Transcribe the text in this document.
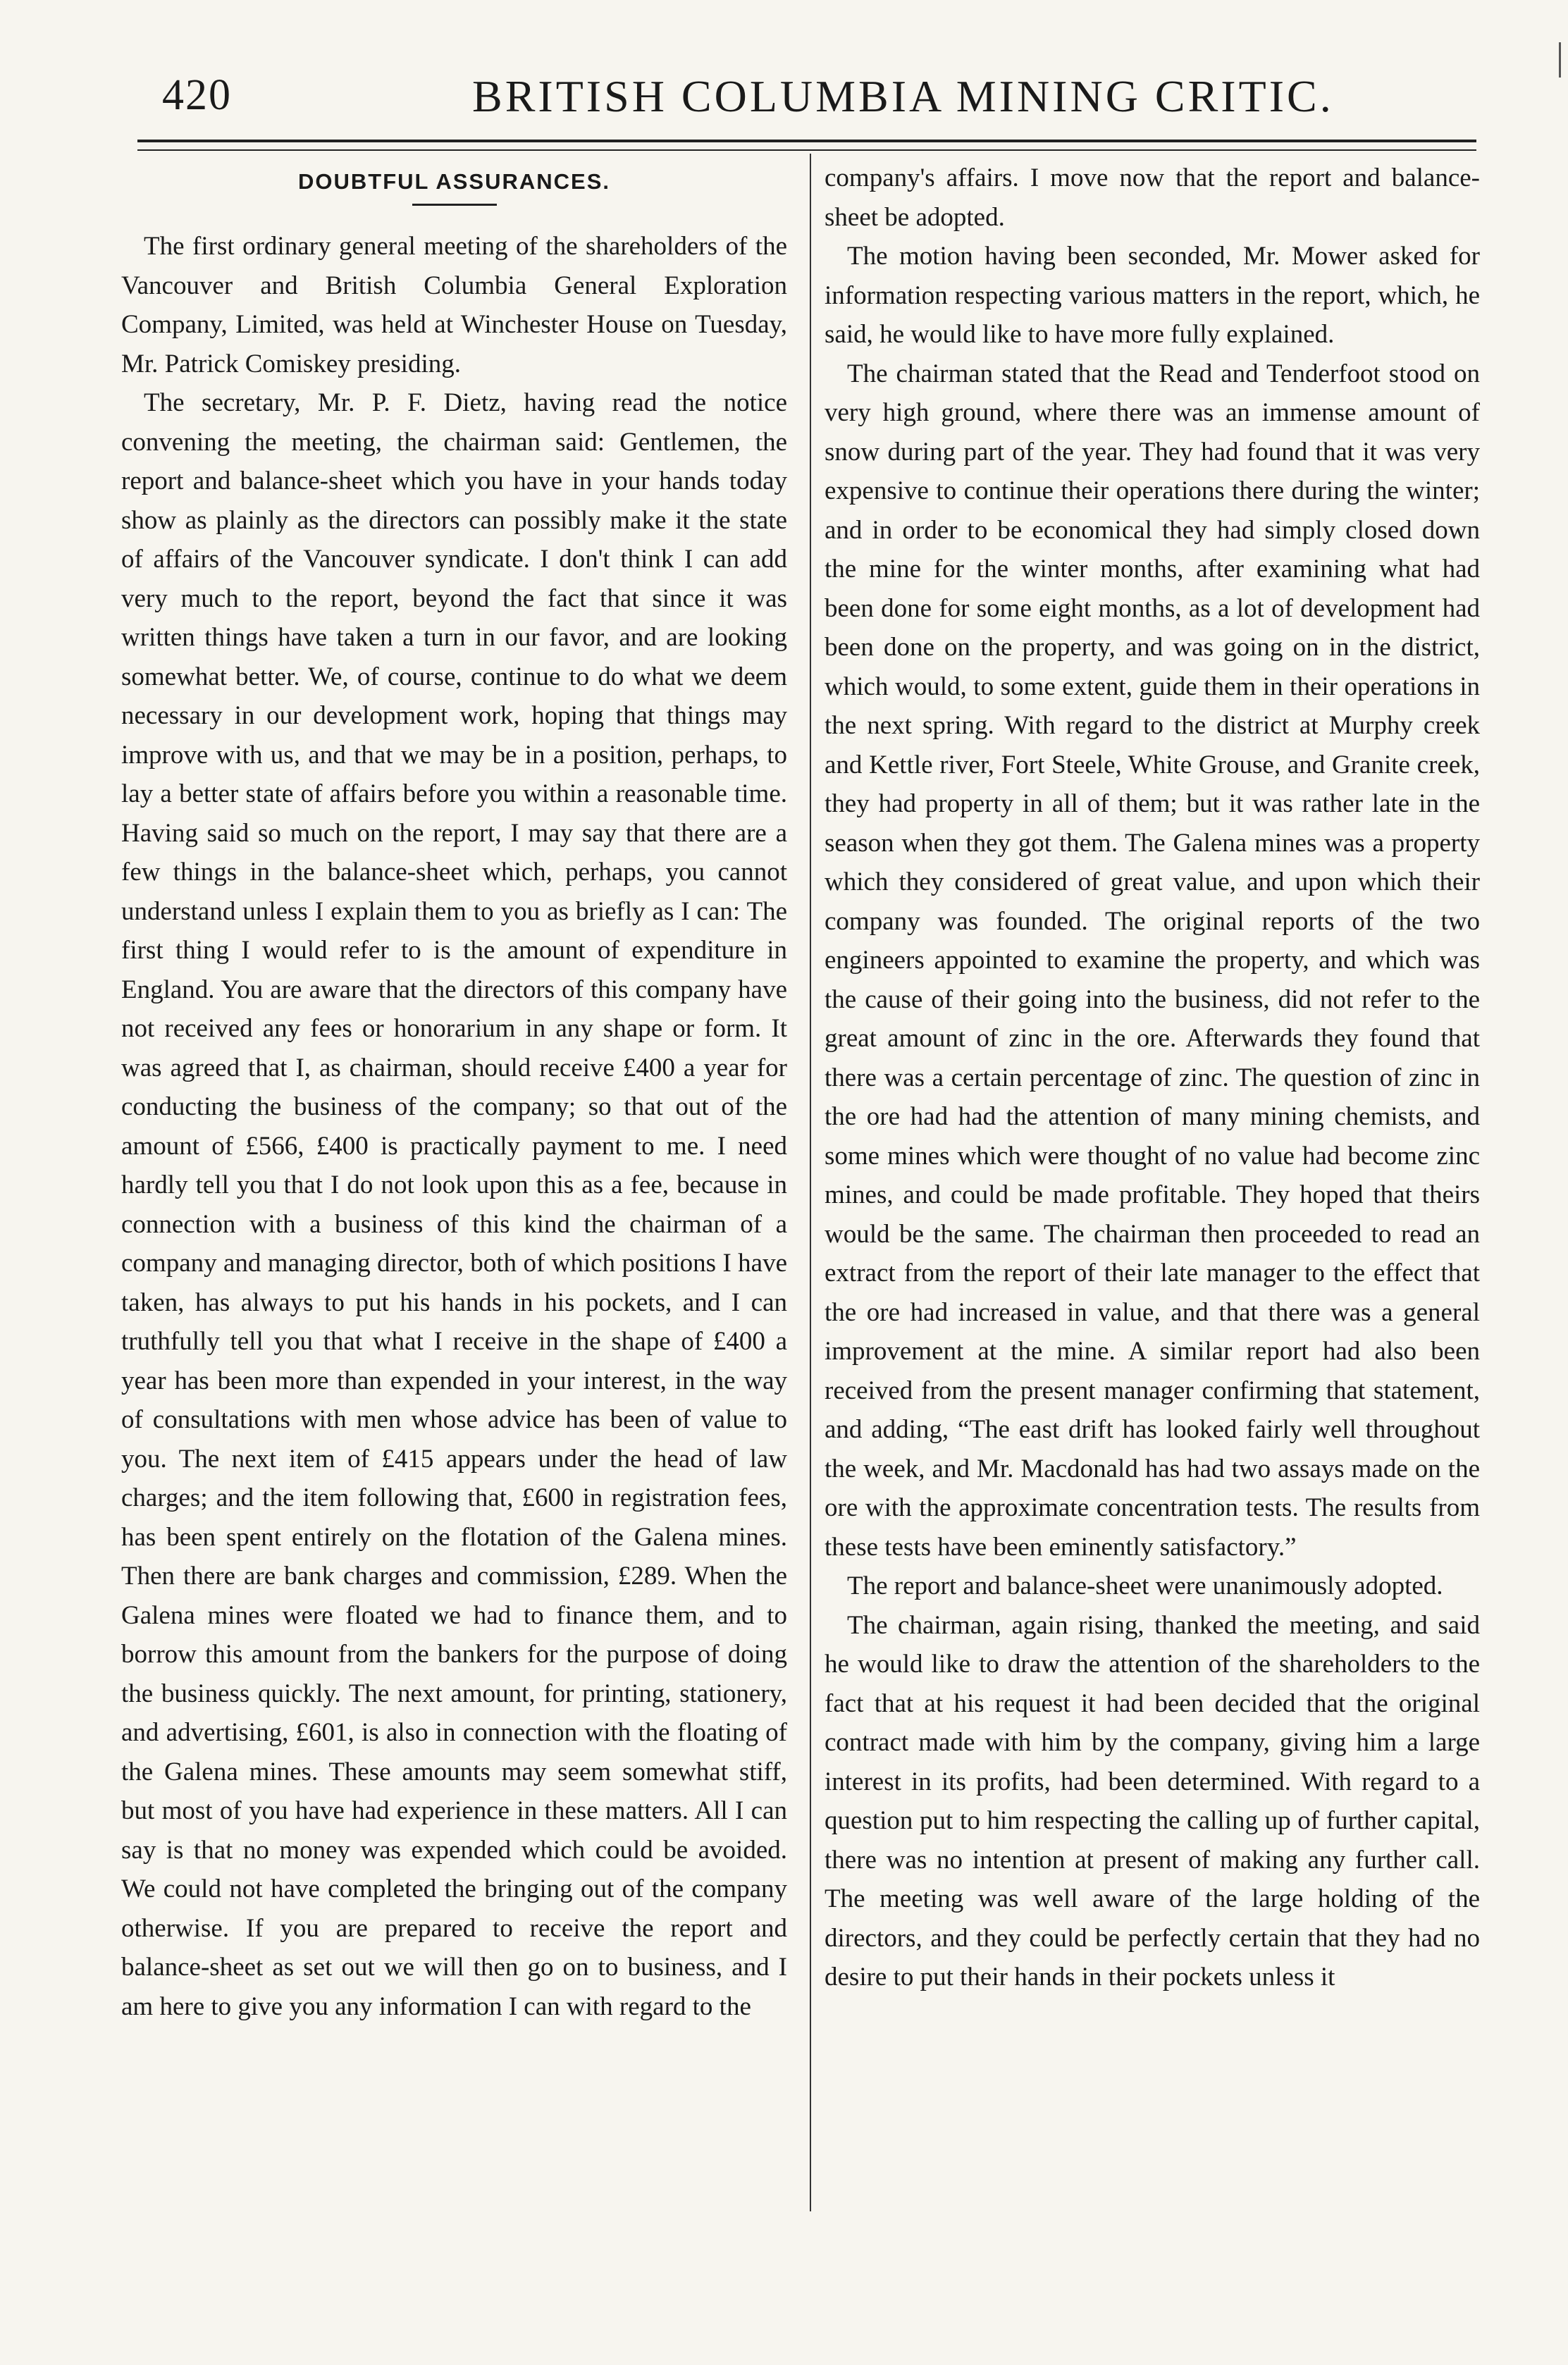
420	BRITISH COLUMBIA MINING CRITIC.
DOUBTFUL ASSURANCES.

The first ordinary general meeting of the shareholders of the Vancouver and British Columbia General Exploration Company, Limited, was held at Winchester House on Tuesday, Mr. Patrick Comiskey presiding.

The secretary, Mr. P. F. Dietz, having read the notice convening the meeting, the chairman said: Gentlemen, the report and balance-sheet which you have in your hands today show as plainly as the directors can possibly make it the state of affairs of the Vancouver syndicate. I don't think I can add very much to the report, beyond the fact that since it was written things have taken a turn in our favor, and are looking somewhat better. We, of course, continue to do what we deem necessary in our development work, hoping that things may improve with us, and that we may be in a position, perhaps, to lay a better state of affairs before you within a reasonable time. Having said so much on the report, I may say that there are a few things in the balance-sheet which, perhaps, you cannot understand unless I explain them to you as briefly as I can: The first thing I would refer to is the amount of expenditure in England. You are aware that the directors of this company have not received any fees or honorarium in any shape or form. It was agreed that I, as chairman, should receive £400 a year for conducting the business of the company; so that out of the amount of £566, £400 is practically payment to me. I need hardly tell you that I do not look upon this as a fee, because in connection with a business of this kind the chairman of a company and managing director, both of which positions I have taken, has always to put his hands in his pockets, and I can truthfully tell you that what I receive in the shape of £400 a year has been more than expended in your interest, in the way of consultations with men whose advice has been of value to you. The next item of £415 appears under the head of law charges; and the item following that, £600 in registration fees, has been spent entirely on the flotation of the Galena mines. Then there are bank charges and commission, £289. When the Galena mines were floated we had to finance them, and to borrow this amount from the bankers for the purpose of doing the business quickly. The next amount, for printing, stationery, and advertising, £601, is also in connection with the floating of the Galena mines. These amounts may seem somewhat stiff, but most of you have had experience in these matters. All I can say is that no money was expended which could be avoided. We could not have completed the bringing out of the company otherwise. If you are prepared to receive the report and balance-sheet as set out we will then go on to business, and I am here to give you any information I can with regard to the

company's affairs. I move now that the report and balance-sheet be adopted.

The motion having been seconded, Mr. Mower asked for information respecting various matters in the report, which, he said, he would like to have more fully explained.

The chairman stated that the Read and Tenderfoot stood on very high ground, where there was an immense amount of snow during part of the year. They had found that it was very expensive to continue their operations there during the winter; and in order to be economical they had simply closed down the mine for the winter months, after examining what had been done for some eight months, as a lot of development had been done on the property, and was going on in the district, which would, to some extent, guide them in their operations in the next spring. With regard to the district at Murphy creek and Kettle river, Fort Steele, White Grouse, and Granite creek, they had property in all of them; but it was rather late in the season when they got them. The Galena mines was a property which they considered of great value, and upon which their company was founded. The original reports of the two engineers appointed to examine the property, and which was the cause of their going into the business, did not refer to the great amount of zinc in the ore. Afterwards they found that there was a certain percentage of zinc. The question of zinc in the ore had had the attention of many mining chemists, and some mines which were thought of no value had become zinc mines, and could be made profitable. They hoped that theirs would be the same. The chairman then proceeded to read an extract from the report of their late manager to the effect that the ore had increased in value, and that there was a general improvement at the mine. A similar report had also been received from the present manager confirming that statement, and adding, “The east drift has looked fairly well throughout the week, and Mr. Macdonald has had two assays made on the ore with the approximate concentration tests. The results from these tests have been eminently satisfactory.”

The report and balance-sheet were unanimously adopted.

The chairman, again rising, thanked the meeting, and said he would like to draw the attention of the shareholders to the fact that at his request it had been decided that the original contract made with him by the company, giving him a large interest in its profits, had been determined. With regard to a question put to him respecting the calling up of further capital, there was no intention at present of making any further call. The meeting was well aware of the large holding of the directors, and they could be perfectly certain that they had no desire to put their hands in their pockets unless it
